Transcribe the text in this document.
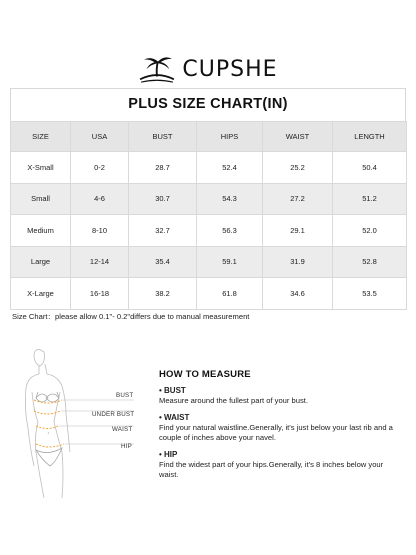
CUPSHE
PLUS SIZE CHART(IN)
SIZE	USA	BUST	HIPS	WAIST	LENGTH
X-Small	0-2	28.7	52.4	25.2	50.4
Small	4-6	30.7	54.3	27.2	51.2
Medium	8-10	32.7	56.3	29.1	52.0
Large	12-14	35.4	59.1	31.9	52.8
X-Large	16-18	38.2	61.8	34.6	53.5
Size Chart：please allow 0.1"- 0.2"differs due to manual measurement
BUST
UNDER BUST
WAIST
HIP
HOW TO MEASURE
• BUST
Measure around the fullest part of your bust.
• WAIST
Find your natural waistline.Generally, it's just below your last rib and a couple of inches above your navel.
• HIP
Find the widest part of your hips.Generally, it's 8 inches below your waist.
